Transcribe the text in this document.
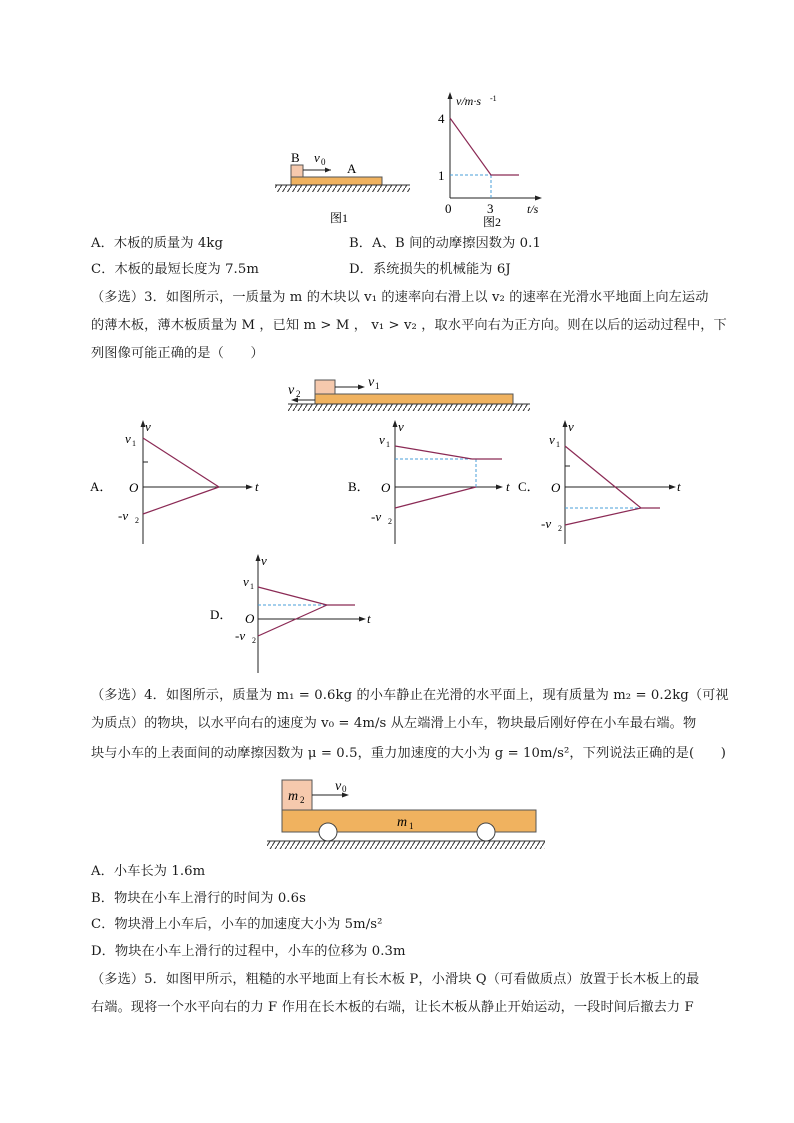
B v 0 A
图1
v/m·s -1
4
1
0	3	t/s
图2
A．木板的质量为 4kg	B．A、B 间的动摩擦因数为 0.1
C．木板的最短长度为 7.5m	D．系统损失的机械能为 6J
（多选）3．如图所示，一质量为 m 的木块以 v₁ 的速率向右滑上以 v₂ 的速率在光滑水平地面上向左运动
的薄木板，薄木板质量为 M ，已知 m > M ， v₁ > v₂ ，取水平向右为正方向。则在以后的运动过程中，下
列图像可能正确的是（　　）
v 1
v 2
A．
v
t
v 1
O
-v 2
B．
v
t
v 1
O
-v 2
C．
v
t
v 1
O
-v 2
D．
v
t
v 1
O
-v 2
（多选）4．如图所示，质量为 m₁ = 0.6kg 的小车静止在光滑的水平面上，现有质量为 m₂ = 0.2kg（可视
为质点）的物块，以水平向右的速度为 v₀ = 4m/s 从左端滑上小车，物块最后刚好停在小车最右端。物
块与小车的上表面间的动摩擦因数为 μ = 0.5，重力加速度的大小为 g = 10m/s²，下列说法正确的是(　　)
m 2
v 0
m 1
A．小车长为 1.6m
B．物块在小车上滑行的时间为 0.6s
C．物块滑上小车后，小车的加速度大小为 5m/s²
D．物块在小车上滑行的过程中，小车的位移为 0.3m
（多选）5．如图甲所示，粗糙的水平地面上有长木板 P，小滑块 Q（可看做质点）放置于长木板上的最
右端。现将一个水平向右的力 F 作用在长木板的右端，让长木板从静止开始运动，一段时间后撤去力 F
